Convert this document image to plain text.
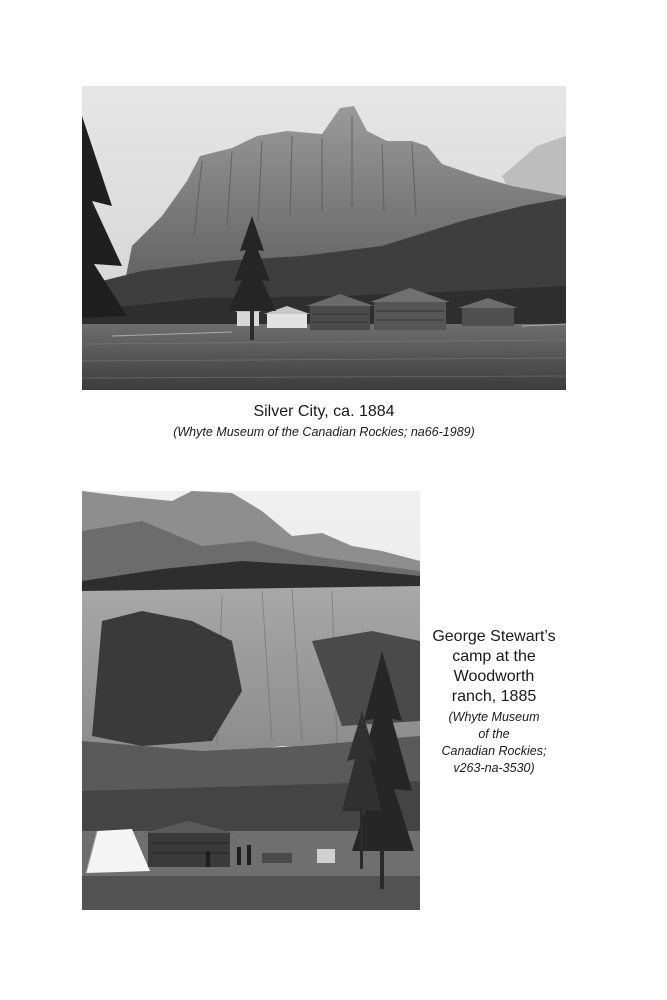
Silver City, ca. 1884
(Whyte Museum of the Canadian Rockies; na66-1989)
George Stewart’s
camp at the
Woodworth
ranch, 1885
(Whyte Museum
of the
Canadian Rockies;
v263-na-3530)
